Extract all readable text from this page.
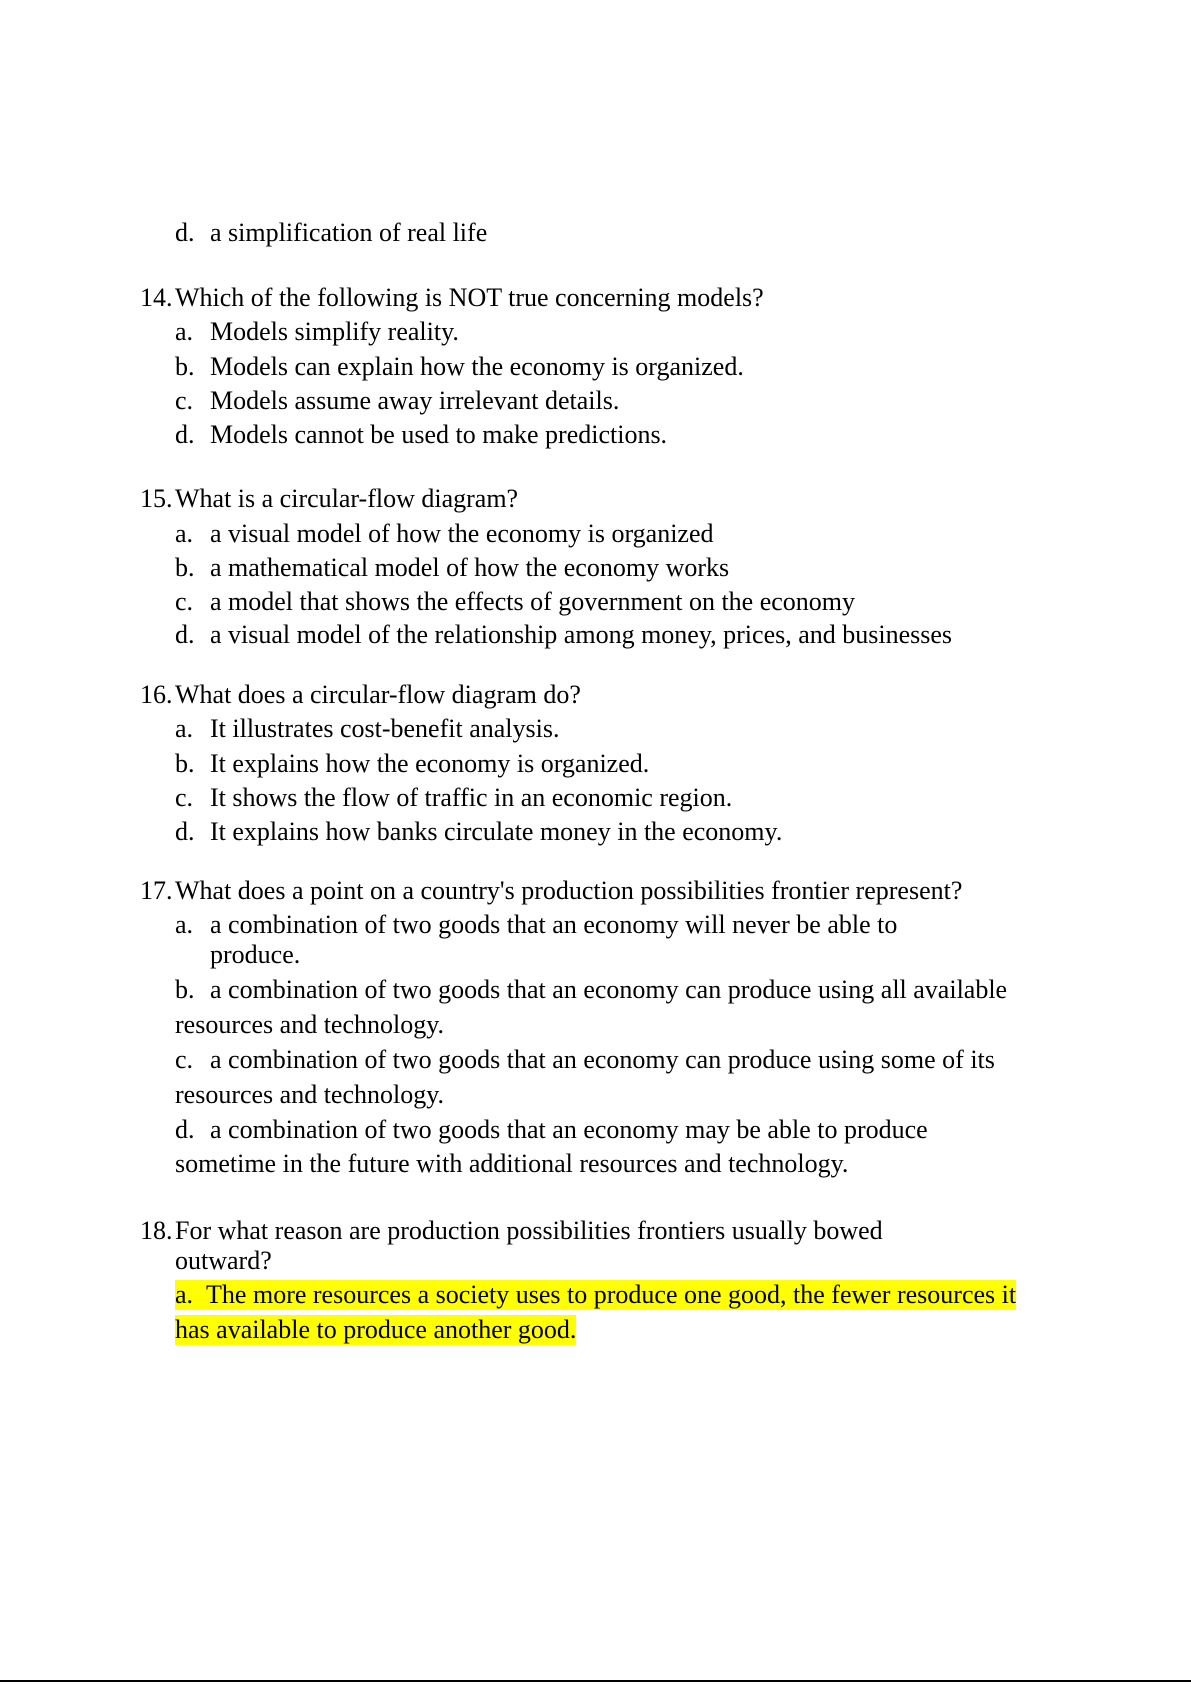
d. a simplification of real life
14. Which of the following is NOT true concerning models?
a. Models simplify reality.
b. Models can explain how the economy is organized.
c. Models assume away irrelevant details.
d. Models cannot be used to make predictions.
15. What is a circular-flow diagram?
a. a visual model of how the economy is organized
b. a mathematical model of how the economy works
c. a model that shows the effects of government on the economy
d. a visual model of the relationship among money, prices, and businesses
16. What does a circular-flow diagram do?
a. It illustrates cost-benefit analysis.
b. It explains how the economy is organized.
c. It shows the flow of traffic in an economic region.
d. It explains how banks circulate money in the economy.
17. What does a point on a country's production possibilities frontier represent?
a. a combination of two goods that an economy will never be able to
produce.
b. a combination of two goods that an economy can produce using all available
resources and technology.
c. a combination of two goods that an economy can produce using some of its
resources and technology.
d. a combination of two goods that an economy may be able to produce
sometime in the future with additional resources and technology.
18. For what reason are production possibilities frontiers usually bowed
outward?
a. The more resources a society uses to produce one good, the fewer resources it
has available to produce another good.
